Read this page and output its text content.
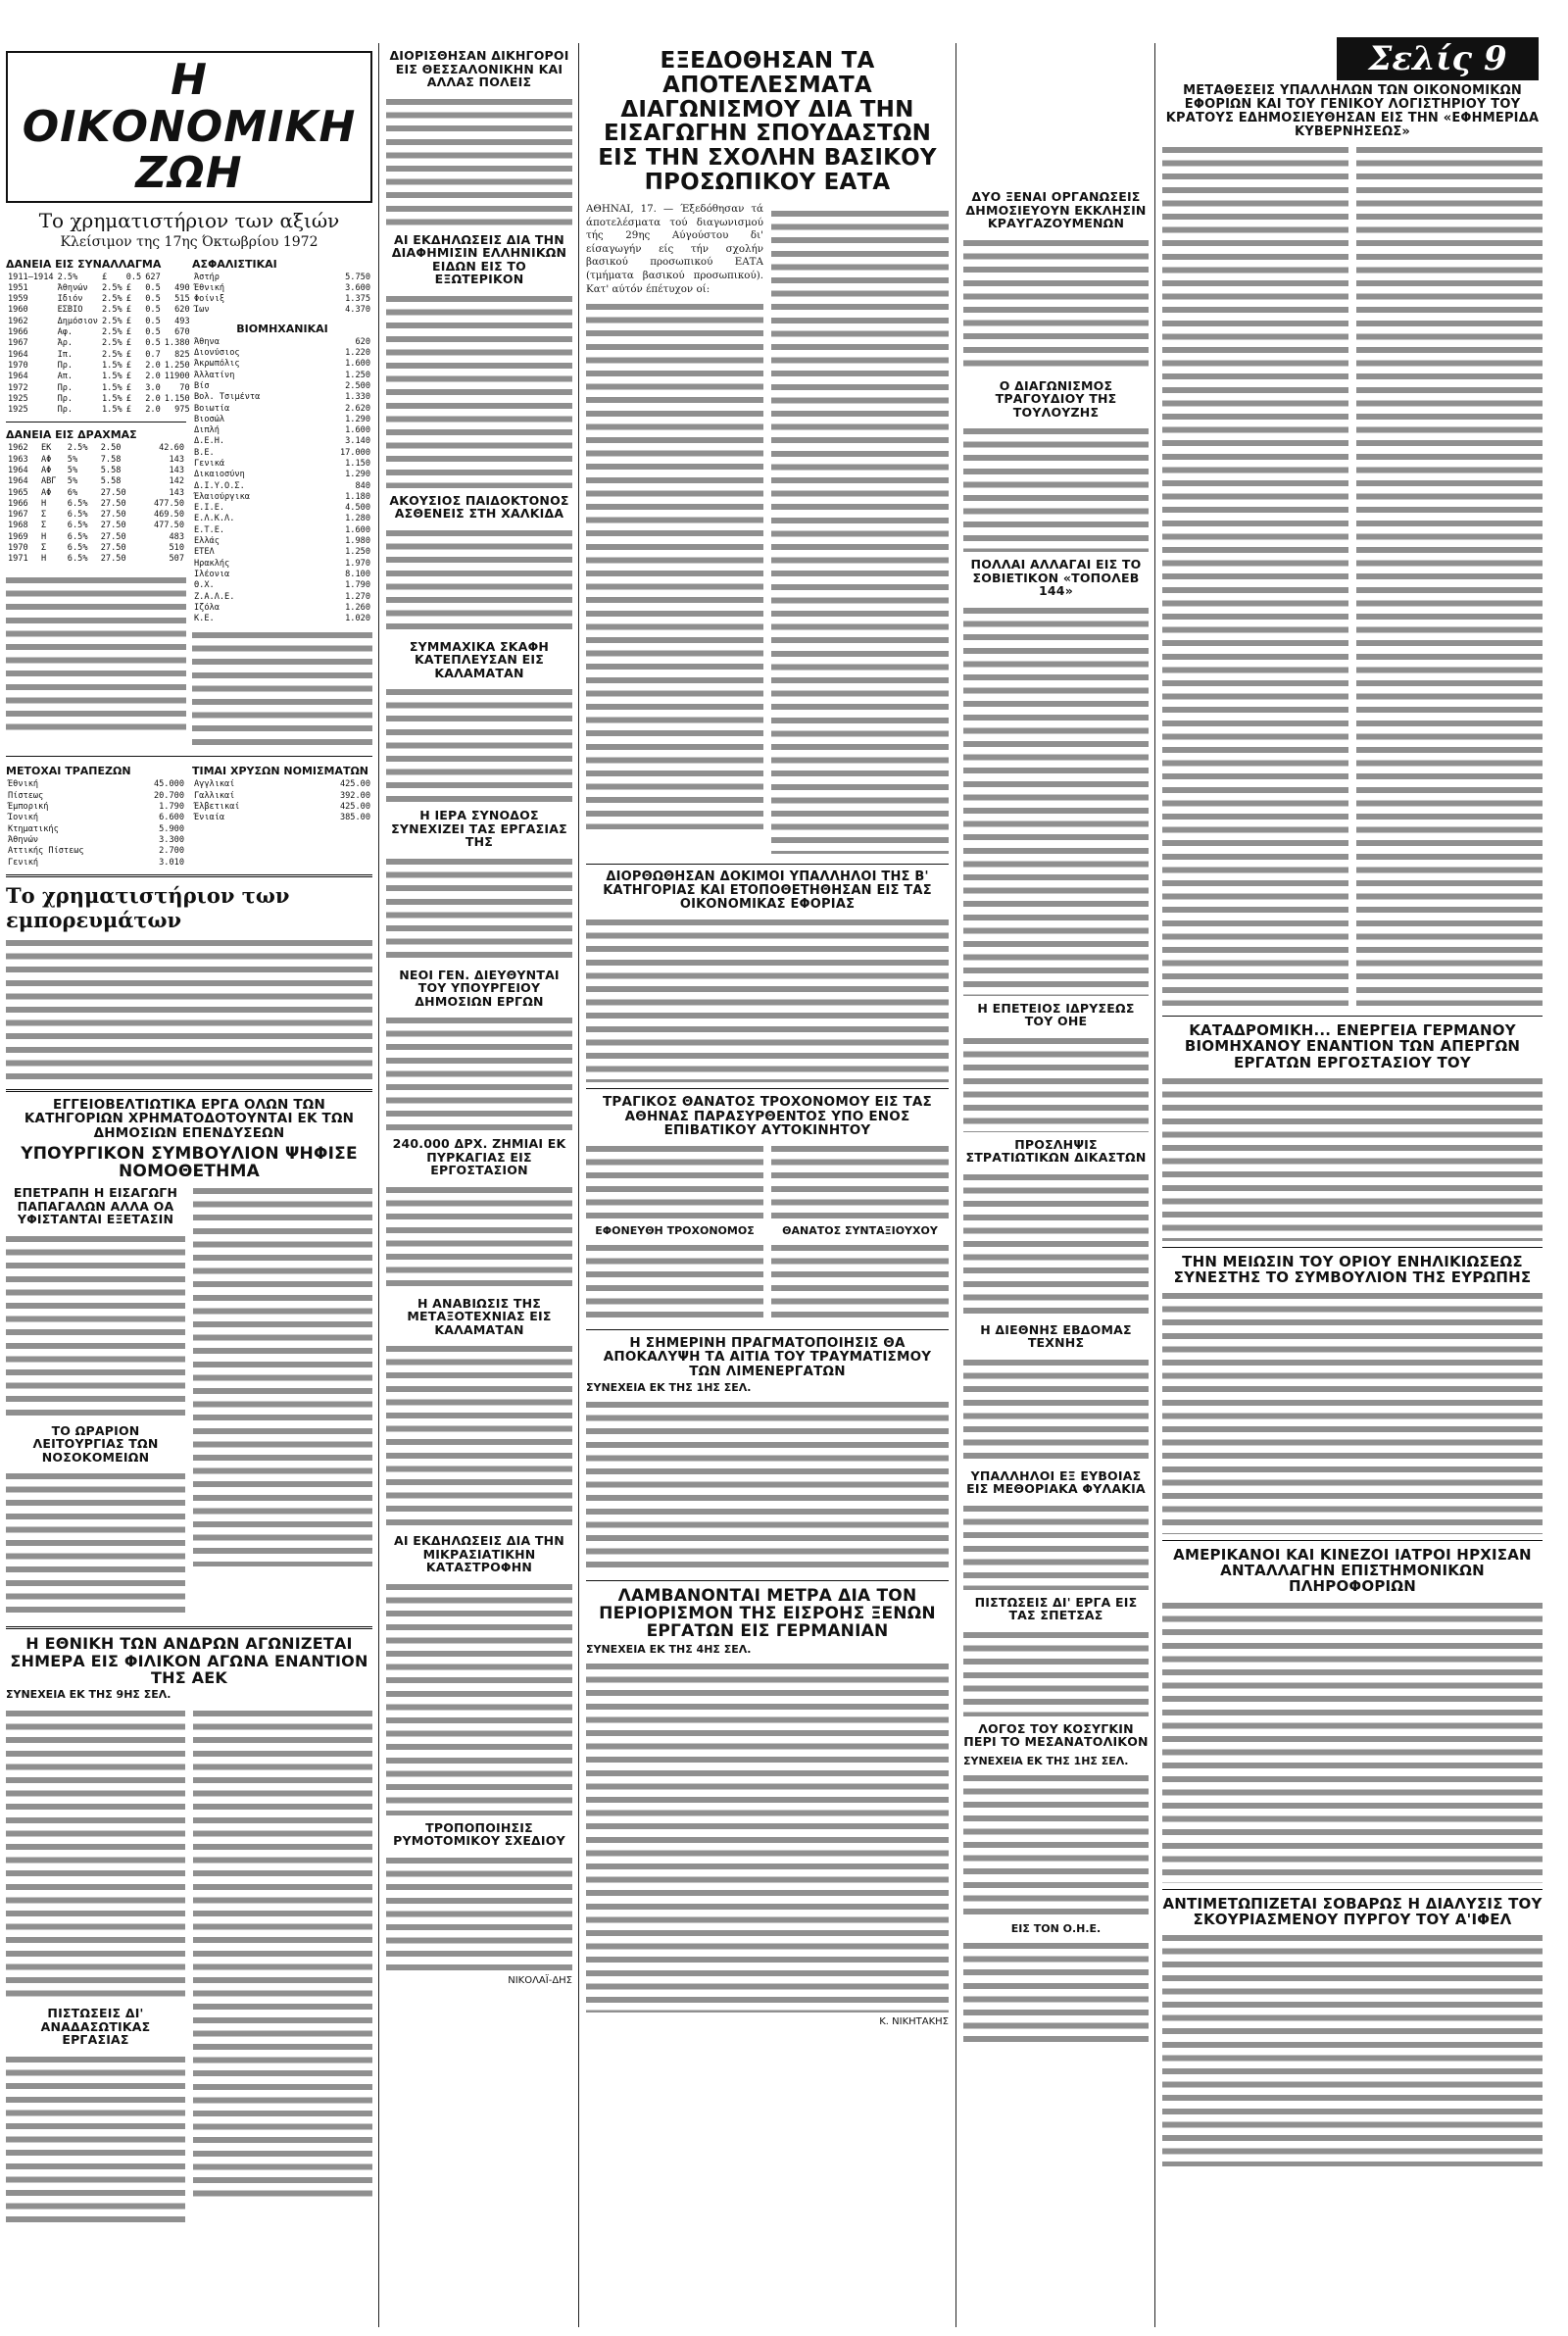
Σελίς 9
Η ΟΙΚΟΝΟΜΙΚΗ ΖΩΗ
Το χρηματιστήριον των αξιών
Κλείσιμον της 17ης Όκτωβρίου 1972
ΔΑΝΕΙΑ ΕΙΣ ΣΥΝΑΛΛΑΓΜΑ
1911—1914	2.5%	£	0.5	627	
1951	Άθηνών	2.5%	£	0.5	490
1959	Ιδιόν	2.5%	£	0.5	515
1960	ΕΣΒΙΟ	2.5%	£	0.5	620
1962	Δημόσιον	2.5%	£	0.5	493
1966	Αφ.	2.5%	£	0.5	670
1967	Άρ.	2.5%	£	0.5	1.380
1964	Ιπ.	2.5%	£	0.7	825
1970	Πρ.	1.5%	£	2.0	1.250
1964	Απ.	1.5%	£	2.0	11900
1972	Πρ.	1.5%	£	3.0	70
1925	Πρ.	1.5%	£	2.0	1.150
1925	Πρ.	1.5%	£	2.0	975
ΔΑΝΕΙΑ ΕΙΣ ΔΡΑΧΜΑΣ
1962	ΕΚ	2.5%	2.50	42.60
1963	ΑΦ	5%	7.58	143
1964	ΑΦ	5%	5.58	143
1964	ΑΒΓ	5%	5.58	142
1965	ΑΦ	6%	27.50	143
1966	Η	6.5%	27.50	477.50
1967	Σ	6.5%	27.50	469.50
1968	Σ	6.5%	27.50	477.50
1969	Η	6.5%	27.50	483
1970	Σ	6.5%	27.50	510
1971	Η	6.5%	27.50	507
ΑΣΦΑΛΙΣΤΙΚΑΙ
Άστήρ	5.750
Έθνική	3.600
Φοίνιξ	1.375
Ίων	4.370
ΒΙΟΜΗΧΑΝΙΚΑΙ
Άθηνα	620
Διονύσιος	1.220
Άκρωπόλις	1.600
Άλλατίνη	1.250
Βίσ	2.500
Βολ. Τσιμέντα	1.330
Βοιωτία	2.620
Βιοσώλ	1.290
Διπλή	1.600
Δ.Ε.Η.	3.140
Β.Ε.	17.000
Γενικά	1.150
Δικαιοσύνη	1.290
Δ.Ι.Υ.Ο.Σ.	840
Έλαιούργικα	1.180
Ε.Ι.Ε.	4.500
Ε.Λ.Κ.Λ.	1.280
Ε.Τ.Ε.	1.600
Ελλάς	1.980
ΕΤΕΛ	1.250
Ηρακλής	1.970
Ιλέονια	8.100
Θ.Χ.	1.790
Ζ.Α.Λ.Ε.	1.270
Ιζόλα	1.260
Κ.Ε.	1.020
ΜΕΤΟΧΑΙ ΤΡΑΠΕΖΩΝ
Έθνική	45.000
Πίστεως	20.700
Έμπορική	1.790
Ίονική	6.600
Κτηματικής	5.900
Άθηνών	3.300
Αττικής Πίστεως	2.700
Γενική	3.010
ΤΙΜΑΙ ΧΡΥΣΩΝ ΝΟΜΙΣΜΑΤΩΝ
Αγγλικαί	425.00
Γαλλικαί	392.00
Έλβετικαί	425.00
Ένιαία	385.00
Το χρηματιστήριον των εμπορευμάτων
ΕΓΓΕΙΟΒΕΛΤΙΩΤΙΚΑ ΕΡΓΑ ΟΛΩΝ ΤΩΝ ΚΑΤΗΓΟΡΙΩΝ ΧΡΗΜΑΤΟΔΟΤΟΥΝΤΑΙ ΕΚ ΤΩΝ ΔΗΜΟΣΙΩΝ ΕΠΕΝΔΥΣΕΩΝ
ΥΠΟΥΡΓΙΚΟΝ ΣΥΜΒΟΥΛΙΟΝ ΨΗΦΙΣΕ ΝΟΜΟΘΕΤΗΜΑ
ΕΠΕΤΡΑΠΗ Η ΕΙΣΑΓΩΓΗ ΠΑΠΑΓΑΛΩΝ ΑΛΛΑ ΟΑ ΥΦΙΣΤΑΝΤΑΙ ΕΞΕΤΑΣΙΝ
ΤΟ ΩΡΑΡΙΟΝ ΛΕΙΤΟΥΡΓΙΑΣ ΤΩΝ ΝΟΣΟΚΟΜΕΙΩΝ
Η ΕΘΝΙΚΗ ΤΩΝ ΑΝΔΡΩΝ ΑΓΩΝΙΖΕΤΑΙ ΣΗΜΕΡΑ ΕΙΣ ΦΙΛΙΚΟΝ ΑΓΩΝΑ ΕΝΑΝΤΙΟΝ ΤΗΣ ΑΕΚ
ΣΥΝΕΧΕΙΑ ΕΚ ΤΗΣ 9ΗΣ ΣΕΛ.
ΠΙΣΤΩΣΕΙΣ ΔΙ' ΑΝΑΔΑΣΩΤΙΚΑΣ ΕΡΓΑΣΙΑΣ
ΔΙΟΡΙΣΘΗΣΑΝ ΔΙΚΗΓΟΡΟΙ ΕΙΣ ΘΕΣΣΑΛΟΝΙΚΗΝ ΚΑΙ ΑΛΛΑΣ ΠΟΛΕΙΣ
ΑΙ ΕΚΔΗΛΩΣΕΙΣ ΔΙΑ ΤΗΝ ΔΙΑΦΗΜΙΣΙΝ ΕΛΛΗΝΙΚΩΝ ΕΙΔΩΝ ΕΙΣ ΤΟ ΕΞΩΤΕΡΙΚΟΝ
ΑΚΟΥΣΙΟΣ ΠΑΙΔΟΚΤΟΝΟΣ ΑΣΘΕΝΕΙΣ ΣΤΗ ΧΑΛΚΙΔΑ
ΣΥΜΜΑΧΙΚΑ ΣΚΑΦΗ ΚΑΤΕΠΛΕΥΣΑΝ ΕΙΣ ΚΑΛΑΜΑΤΑΝ
Η ΙΕΡΑ ΣΥΝΟΔΟΣ ΣΥΝΕΧΙΖΕΙ ΤΑΣ ΕΡΓΑΣΙΑΣ ΤΗΣ
ΝΕΟΙ ΓΕΝ. ΔΙΕΥΘΥΝΤΑΙ ΤΟΥ ΥΠΟΥΡΓΕΙΟΥ ΔΗΜΟΣΙΩΝ ΕΡΓΩΝ
240.000 ΔΡΧ. ΖΗΜΙΑΙ ΕΚ ΠΥΡΚΑΓΙΑΣ ΕΙΣ ΕΡΓΟΣΤΑΣΙΟΝ
Η ΑΝΑΒΙΩΣΙΣ ΤΗΣ ΜΕΤΑΞΟΤΕΧΝΙΑΣ ΕΙΣ ΚΑΛΑΜΑΤΑΝ
ΑΙ ΕΚΔΗΛΩΣΕΙΣ ΔΙΑ ΤΗΝ ΜΙΚΡΑΣΙΑΤΙΚΗΝ ΚΑΤΑΣΤΡΟΦΗΝ
ΤΡΟΠΟΠΟΙΗΣΙΣ ΡΥΜΟΤΟΜΙΚΟΥ ΣΧΕΔΙΟΥ
ΝΙΚΟΛΑΪ-ΔΗΣ
ΕΞΕΔΟΘΗΣΑΝ ΤΑ ΑΠΟΤΕΛΕΣΜΑΤΑ ΔΙΑΓΩΝΙΣΜΟΥ ΔΙΑ ΤΗΝ ΕΙΣΑΓΩΓΗΝ ΣΠΟΥΔΑΣΤΩΝ ΕΙΣ ΤΗΝ ΣΧΟΛΗΝ ΒΑΣΙΚΟΥ ΠΡΟΣΩΠΙΚΟΥ ΕΑΤΑ

ΑΘΗΝΑΙ, 17. — Έξεδόθησαν τά άποτελέσματα τού διαγωνισμού τής 29ης Αύγούστου δι' είσαγωγήν είς τήν σχολήν βασικού προσωπικού ΕΑΤΑ (τμήματα βασικού προσωπικού). Κατ' αύτόν έπέτυχον οί:

ΔΙΟΡΘΩΘΗΣΑΝ ΔΟΚΙΜΟΙ ΥΠΑΛΛΗΛΟΙ ΤΗΣ Β' ΚΑΤΗΓΟΡΙΑΣ ΚΑΙ ΕΤΟΠΟΘΕΤΗΘΗΣΑΝ ΕΙΣ ΤΑΣ ΟΙΚΟΝΟΜΙΚΑΣ ΕΦΟΡΙΑΣ
ΤΡΑΓΙΚΟΣ ΘΑΝΑΤΟΣ ΤΡΟΧΟΝΟΜΟΥ ΕΙΣ ΤΑΣ ΑΘΗΝΑΣ ΠΑΡΑΣΥΡΘΕΝΤΟΣ ΥΠΟ ΕΝΟΣ ΕΠΙΒΑΤΙΚΟΥ ΑΥΤΟΚΙΝΗΤΟΥ
ΕΦΟΝΕΥΘΗ ΤΡΟΧΟΝΟΜΟΣ	ΘΑΝΑΤΟΣ ΣΥΝΤΑΞΙΟΥΧΟΥ
Η ΣΗΜΕΡΙΝΗ ΠΡΑΓΜΑΤΟΠΟΙΗΣΙΣ ΘΑ ΑΠΟΚΑΛΥΨΗ ΤΑ ΑΙΤΙΑ ΤΟΥ ΤΡΑΥΜΑΤΙΣΜΟΥ ΤΩΝ ΛΙΜΕΝΕΡΓΑΤΩΝ
ΣΥΝΕΧΕΙΑ ΕΚ ΤΗΣ 1ΗΣ ΣΕΛ.
ΛΑΜΒΑΝΟΝΤΑΙ ΜΕΤΡΑ ΔΙΑ ΤΟΝ ΠΕΡΙΟΡΙΣΜΟΝ ΤΗΣ ΕΙΣΡΟΗΣ ΞΕΝΩΝ ΕΡΓΑΤΩΝ ΕΙΣ ΓΕΡΜΑΝΙΑΝ
ΣΥΝΕΧΕΙΑ ΕΚ ΤΗΣ 4ΗΣ ΣΕΛ.
Κ. ΝΙΚΗΤΑΚΗΣ
ΔΥΟ ΞΕΝΑΙ ΟΡΓΑΝΩΣΕΙΣ ΔΗΜΟΣΙΕΥΟΥΝ ΕΚΚΛΗΣΙΝ ΚΡΑΥΓΑΖΟΥΜΕΝΩΝ
Ο ΔΙΑΓΩΝΙΣΜΟΣ ΤΡΑΓΟΥΔΙΟΥ ΤΗΣ ΤΟΥΛΟΥΖΗΣ
ΠΟΛΛΑΙ ΑΛΛΑΓΑΙ ΕΙΣ ΤΟ ΣΟΒΙΕΤΙΚΟΝ «ΤΟΠΟΛΕΒ 144»
Η ΕΠΕΤΕΙΟΣ ΙΔΡΥΣΕΩΣ ΤΟΥ ΟΗΕ
ΠΡΟΣΛΗΨΙΣ ΣΤΡΑΤΙΩΤΙΚΩΝ ΔΙΚΑΣΤΩΝ
Η ΔΙΕΘΝΗΣ ΕΒΔΟΜΑΣ ΤΕΧΝΗΣ
ΥΠΑΛΛΗΛΟΙ ΕΞ ΕΥΒΟΙΑΣ ΕΙΣ ΜΕΘΟΡΙΑΚΑ ΦΥΛΑΚΙΑ
ΠΙΣΤΩΣΕΙΣ ΔΙ' ΕΡΓΑ ΕΙΣ ΤΑΣ ΣΠΕΤΣΑΣ
ΛΟΓΟΣ ΤΟΥ ΚΟΣΥΓΚΙΝ ΠΕΡΙ ΤΟ ΜΕΣΑΝΑΤΟΛΙΚΟΝ
ΣΥΝΕΧΕΙΑ ΕΚ ΤΗΣ 1ΗΣ ΣΕΛ.
ΕΙΣ ΤΟΝ Ο.Η.Ε.
ΜΕΤΑΘΕΣΕΙΣ ΥΠΑΛΛΗΛΩΝ ΤΩΝ ΟΙΚΟΝΟΜΙΚΩΝ ΕΦΟΡΙΩΝ ΚΑΙ ΤΟΥ ΓΕΝΙΚΟΥ ΛΟΓΙΣΤΗΡΙΟΥ ΤΟΥ ΚΡΑΤΟΥΣ ΕΔΗΜΟΣΙΕΥΘΗΣΑΝ ΕΙΣ ΤΗΝ «ΕΦΗΜΕΡΙΔΑ ΚΥΒΕΡΝΗΣΕΩΣ»
ΚΑΤΑΔΡΟΜΙΚΗ... ΕΝΕΡΓΕΙΑ ΓΕΡΜΑΝΟΥ ΒΙΟΜΗΧΑΝΟΥ ΕΝΑΝΤΙΟΝ ΤΩΝ ΑΠΕΡΓΩΝ ΕΡΓΑΤΩΝ ΕΡΓΟΣΤΑΣΙΟΥ ΤΟΥ
ΤΗΝ ΜΕΙΩΣΙΝ ΤΟΥ ΟΡΙΟΥ ΕΝΗΛΙΚΙΩΣΕΩΣ ΣΥΝΕΣΤΗΣ ΤΟ ΣΥΜΒΟΥΛΙΟΝ ΤΗΣ ΕΥΡΩΠΗΣ
ΑΜΕΡΙΚΑΝΟΙ ΚΑΙ ΚΙΝΕΖΟΙ ΙΑΤΡΟΙ ΗΡΧΙΣΑΝ ΑΝΤΑΛΛΑΓΗΝ ΕΠΙΣΤΗΜΟΝΙΚΩΝ ΠΛΗΡΟΦΟΡΙΩΝ
ΑΝΤΙΜΕΤΩΠΙΖΕΤΑΙ ΣΟΒΑΡΩΣ Η ΔΙΑΛΥΣΙΣ ΤΟΥ ΣΚΟΥΡΙΑΣΜΕΝΟΥ ΠΥΡΓΟΥ ΤΟΥ Α'ΙΦΕΛ
